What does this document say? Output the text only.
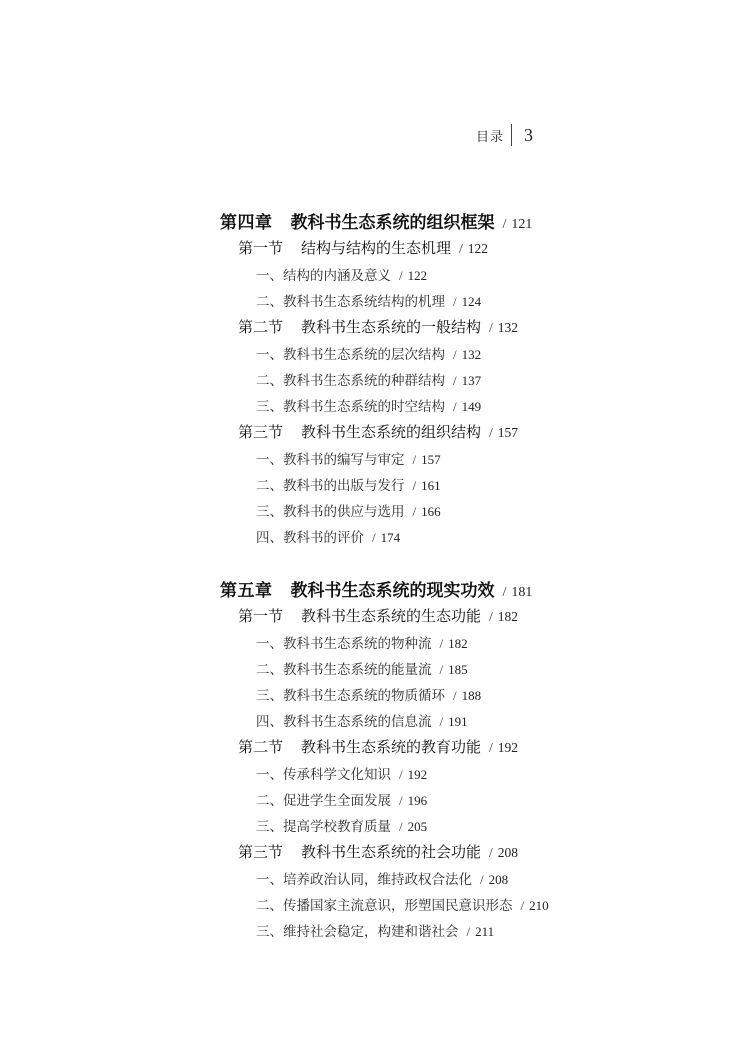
目录 3
第四章 教科书生态系统的组织框架 / 121
第一节 结构与结构的生态机理 / 122
一、结构的内涵及意义 / 122
二、教科书生态系统结构的机理 / 124
第二节 教科书生态系统的一般结构 / 132
一、教科书生态系统的层次结构 / 132
二、教科书生态系统的种群结构 / 137
三、教科书生态系统的时空结构 / 149
第三节 教科书生态系统的组织结构 / 157
一、教科书的编写与审定 / 157
二、教科书的出版与发行 / 161
三、教科书的供应与选用 / 166
四、教科书的评价 / 174
第五章 教科书生态系统的现实功效 / 181
第一节 教科书生态系统的生态功能 / 182
一、教科书生态系统的物种流 / 182
二、教科书生态系统的能量流 / 185
三、教科书生态系统的物质循环 / 188
四、教科书生态系统的信息流 / 191
第二节 教科书生态系统的教育功能 / 192
一、传承科学文化知识 / 192
二、促进学生全面发展 / 196
三、提高学校教育质量 / 205
第三节 教科书生态系统的社会功能 / 208
一、培养政治认同，维持政权合法化 / 208
二、传播国家主流意识，形塑国民意识形态 / 210
三、维持社会稳定，构建和谐社会 / 211
